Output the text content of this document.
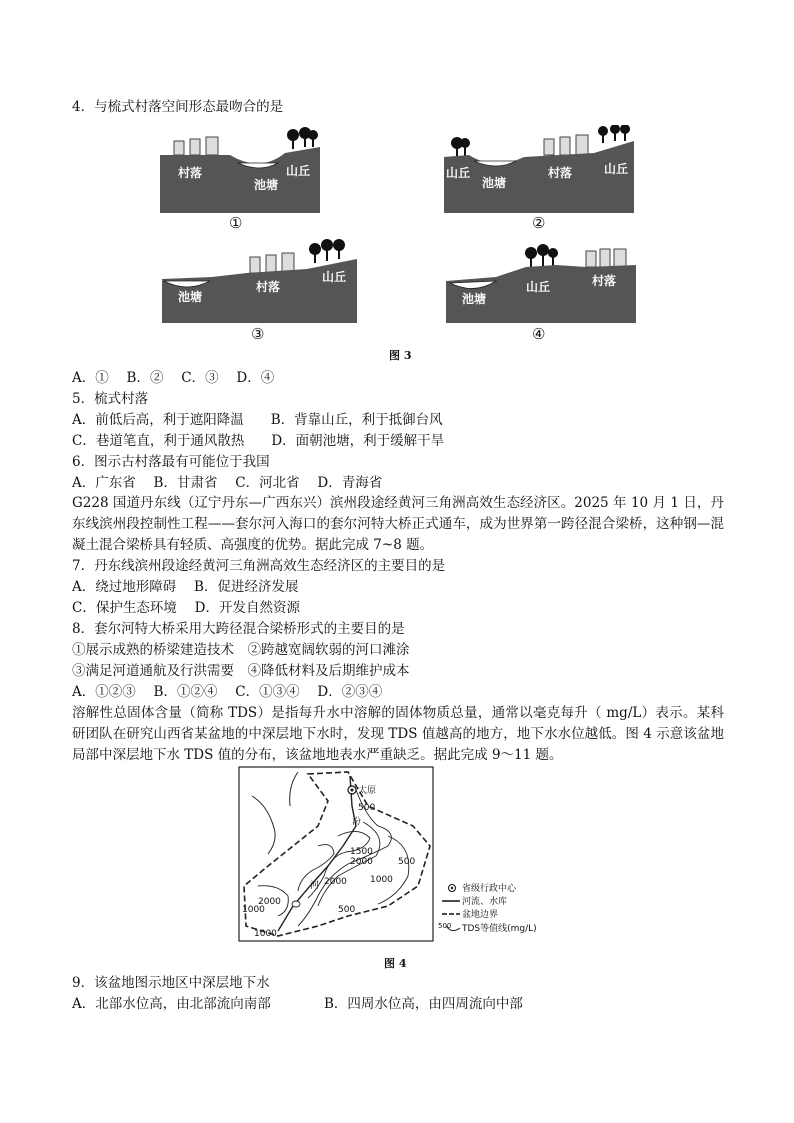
4．与梳式村落空间形态最吻合的是
村落
池塘
山丘
①
山丘
池塘
村落	山丘
②
池塘
村落
山丘
③
池塘
山丘	村落
④
图 3
A．①　 B．②　 C．③　 D．④
5．梳式村落
A．前低后高，利于遮阳降温　　B．背靠山丘，利于抵御台风
C．巷道笔直，利于通风散热　　D．面朝池塘，利于缓解干旱
6．图示古村落最有可能位于我国
A．广东省　 B．甘肃省　 C．河北省　 D．青海省
G228 国道丹东线（辽宁丹东—广西东兴）滨州段途经黄河三角洲高效生态经济区。2025 年 10 月 1 日，丹东线滨州段控制性工程——套尔河入海口的套尔河特大桥正式通车，成为世界第一跨径混合梁桥，这种钢—混凝土混合梁桥具有轻质、高强度的优势。据此完成 7~8 题。
7．丹东线滨州段途经黄河三角洲高效生态经济区的主要目的是
A．绕过地形障碍　 B．促进经济发展
C．保护生态环境　 D．开发自然资源
8．套尔河特大桥采用大跨径混合梁桥形式的主要目的是
①展示成熟的桥梁建造技术　②跨越宽阔软弱的河口滩涂
③满足河道通航及行洪需要　④降低材料及后期维护成本
A．①②③　 B．①②④　 C．①③④　 D．②③④
溶解性总固体含量（简称 TDS）是指每升水中溶解的固体物质总量，通常以毫克每升（ mg/L）表示。某科研团队在研究山西省某盆地的中深层地下水时，发现 TDS 值越高的地方，地下水水位越低。图 4 示意该盆地局部中深层地下水 TDS 值的分布，该盆地地表水严重缺乏。据此完成 9～11 题。
太原
汾
河
500
1500
2000	500
2000	1000
500
1000
2000
1000
省级行政中心
河流、水库
盆地边界
500 TDS等值线(mg/L)
图 4
9．该盆地图示地区中深层地下水
A．北部水位高，由北部流向南部	B．四周水位高，由四周流向中部
